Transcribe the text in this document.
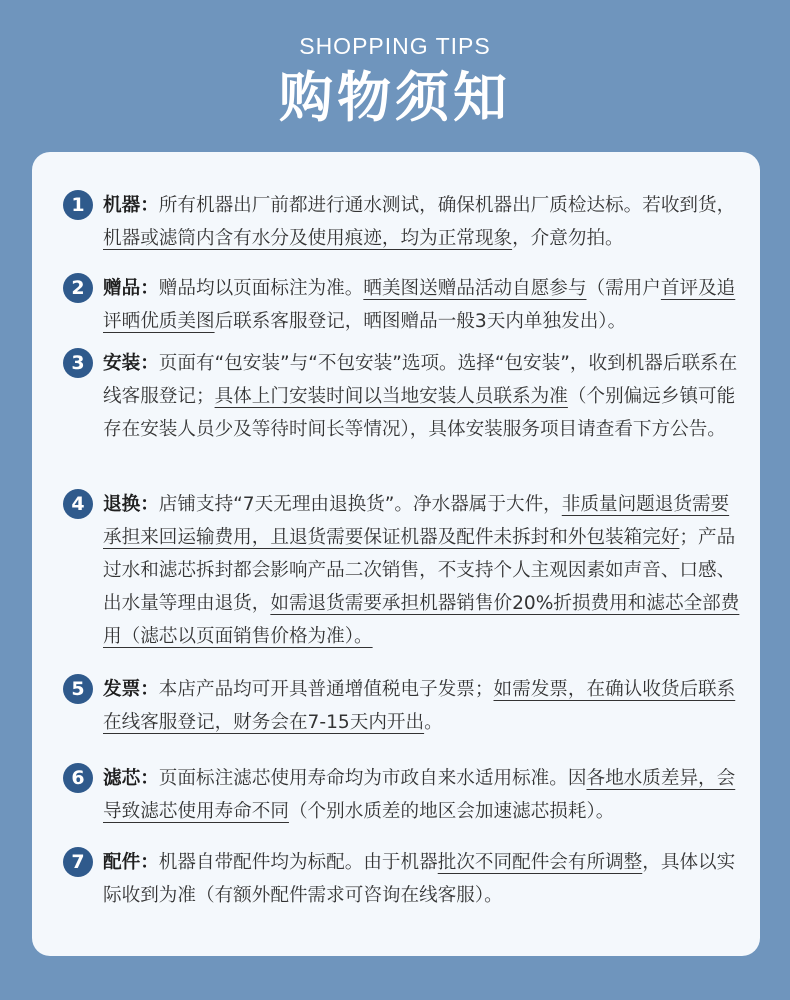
SHOPPING TIPS
购物须知
1 机器：所有机器出厂前都进行通水测试，确保机器出厂质检达标。若收到货，机器或滤筒内含有水分及使用痕迹，均为正常现象，介意勿拍。

2 赠品：赠品均以页面标注为准。晒美图送赠品活动自愿参与（需用户首评及追评晒优质美图后联系客服登记，晒图赠品一般3天内单独发出）。

3 安装：页面有“包安装”与“不包安装”选项。选择“包安装”，收到机器后联系在线客服登记；具体上门安装时间以当地安装人员联系为准（个别偏远乡镇可能存在安装人员少及等待时间长等情况），具体安装服务项目请查看下方公告。

4 退换：店铺支持“7天无理由退换货”。净水器属于大件，非质量问题退货需要承担来回运输费用，且退货需要保证机器及配件未拆封和外包装箱完好；产品过水和滤芯拆封都会影响产品二次销售，不支持个人主观因素如声音、口感、出水量等理由退货，如需退货需要承担机器销售价20%折损费用和滤芯全部费用（滤芯以页面销售价格为准）。

5 发票：本店产品均可开具普通增值税电子发票；如需发票，在确认收货后联系在线客服登记，财务会在7-15天内开出。

6 滤芯：页面标注滤芯使用寿命均为市政自来水适用标准。因各地水质差异，会导致滤芯使用寿命不同（个别水质差的地区会加速滤芯损耗）。

7 配件：机器自带配件均为标配。由于机器批次不同配件会有所调整，具体以实际收到为准（有额外配件需求可咨询在线客服）。
